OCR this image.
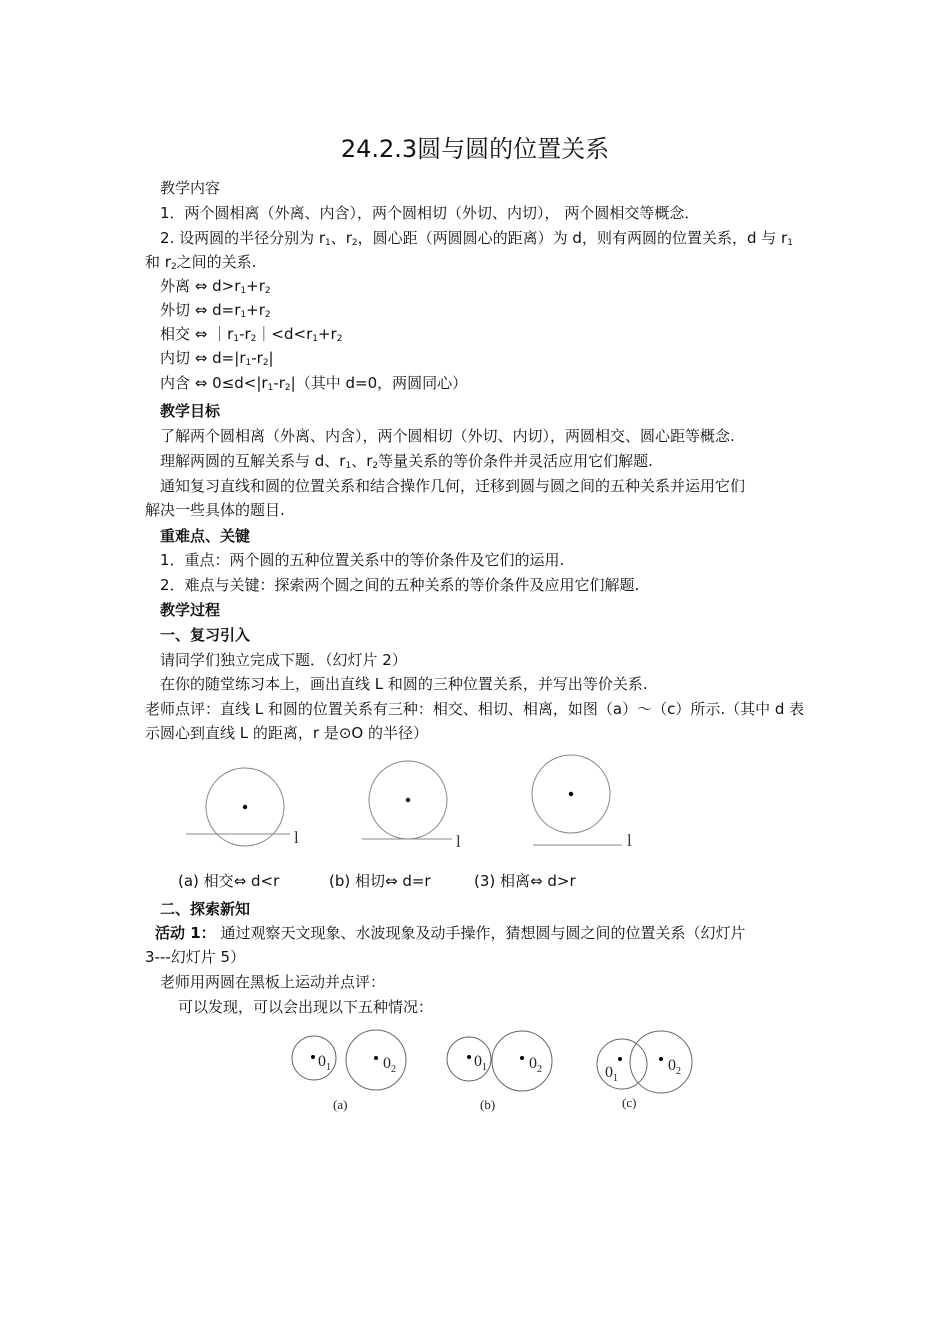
24.2.3圆与圆的位置关系
教学内容
1．两个圆相离（外离、内含），两个圆相切（外切、内切）， 两个圆相交等概念．
2. 设两圆的半径分别为 $r_1$、$r_2$，圆心距（两圆圆心的距离）为 d，则有两圆的位置关系，d 与 $r_1$
和 $r_2$之间的关系.
外离 ⇔ $d>r_1+r_2$
外切 ⇔ $d=r_1+r_2$
相交 ⇔ $|r_1-r_2|<d<r_1+r_2$
内切 ⇔ $d=|r_1-r_2|$
内含 ⇔ $0\le d<|r_1-r_2|$（其中 d=0，两圆同心）
教学目标
了解两个圆相离（外离、内含），两个圆相切（外切、内切），两圆相交、圆心距等概念.
理解两圆的互解关系与 d、$r_1$、$r_2$等量关系的等价条件并灵活应用它们解题.
通知复习直线和圆的位置关系和结合操作几何，迁移到圆与圆之间的五种关系并运用它们
解决一些具体的题目.
重难点、关键
1．重点：两个圆的五种位置关系中的等价条件及它们的运用.
2．难点与关键：探索两个圆之间的五种关系的等价条件及应用它们解题.
教学过程
一、复习引入
请同学们独立完成下题．（幻灯片 2）
在你的随堂练习本上，画出直线 L 和圆的三种位置关系，并写出等价关系.
老师点评：直线 L 和圆的位置关系有三种：相交、相切、相离，如图（a）～（c）所示.（其中 d 表
示圆心到直线 L 的距离，r 是⊙O 的半径）
l	l	l
$0_1$	$0_2$	$0_1$	$0_2$	$0_1$
$0_2$
(a)	(b)	(c)
(a) 相交⇔ d<r	(b) 相切⇔ d=r	(3) 相离⇔ d>r
二、探索新知
活动 1： 通过观察天文现象、水波现象及动手操作，猜想圆与圆之间的位置关系（幻灯片
3---幻灯片 5）
老师用两圆在黑板上运动并点评：
可以发现，可以会出现以下五种情况：
